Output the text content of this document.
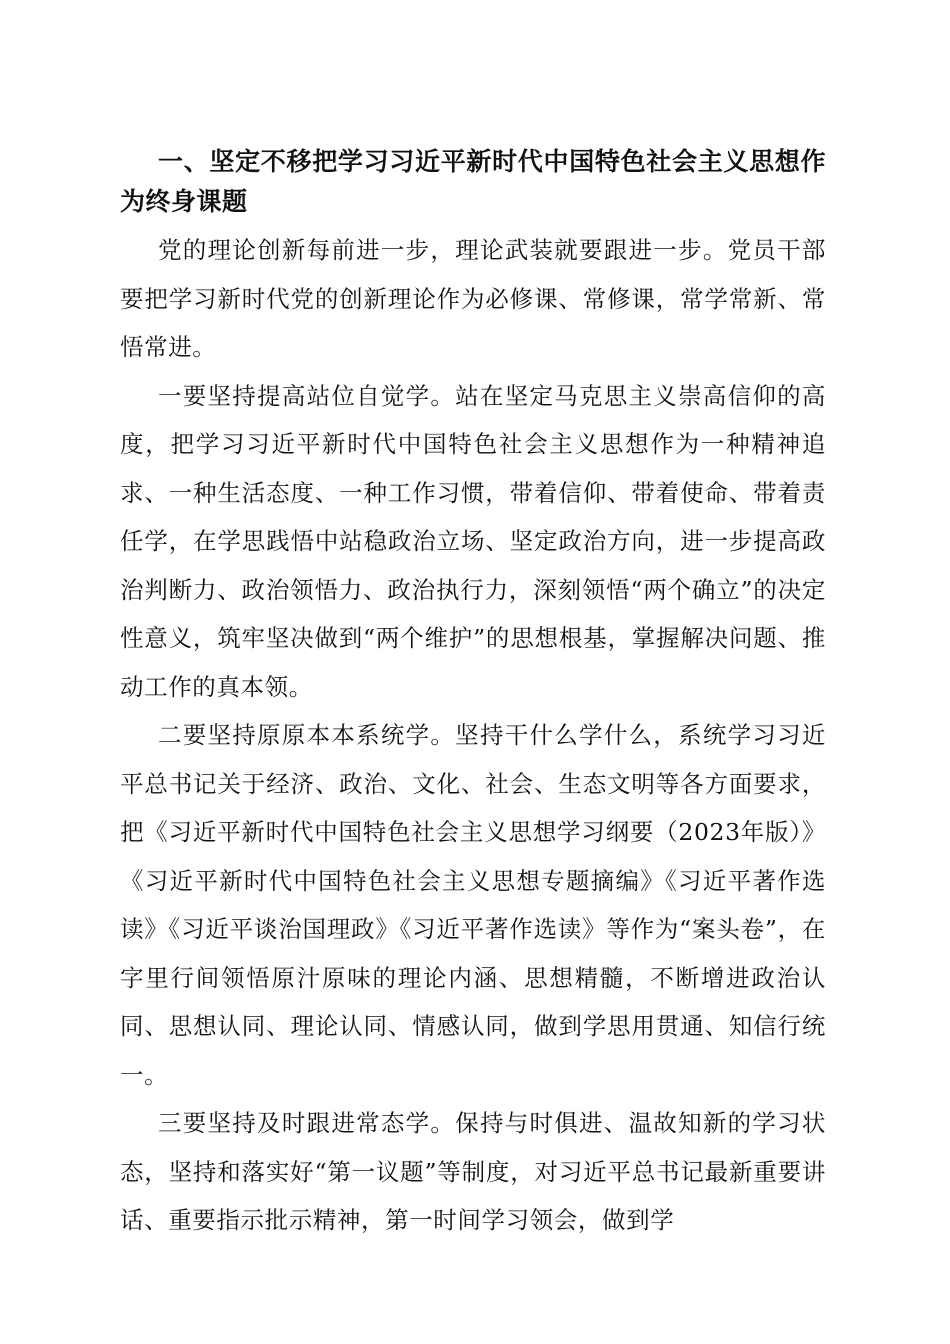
一、坚定不移把学习习近平新时代中国特色社会主义思想作为终身课题

党的理论创新每前进一步，理论武装就要跟进一步。党员干部要把学习新时代党的创新理论作为必修课、常修课，常学常新、常悟常进。

一要坚持提高站位自觉学。站在坚定马克思主义崇高信仰的高度，把学习习近平新时代中国特色社会主义思想作为一种精神追求、一种生活态度、一种工作习惯，带着信仰、带着使命、带着责任学，在学思践悟中站稳政治立场、坚定政治方向，进一步提高政治判断力、政治领悟力、政治执行力，深刻领悟“两个确立”的决定性意义，筑牢坚决做到“两个维护”的思想根基，掌握解决问题、推动工作的真本领。

二要坚持原原本本系统学。坚持干什么学什么，系统学习习近平总书记关于经济、政治、文化、社会、生态文明等各方面要求，把《习近平新时代中国特色社会主义思想学习纲要（2023年版）》《习近平新时代中国特色社会主义思想专题摘编》《习近平著作选读》《习近平谈治国理政》《习近平著作选读》等作为“案头卷”，在字里行间领悟原汁原味的理论内涵、思想精髓，不断增进政治认同、思想认同、理论认同、情感认同，做到学思用贯通、知信行统一。

三要坚持及时跟进常态学。保持与时俱进、温故知新的学习状态，坚持和落实好“第一议题”等制度，对习近平总书记最新重要讲话、重要指示批示精神，第一时间学习领会，做到学
